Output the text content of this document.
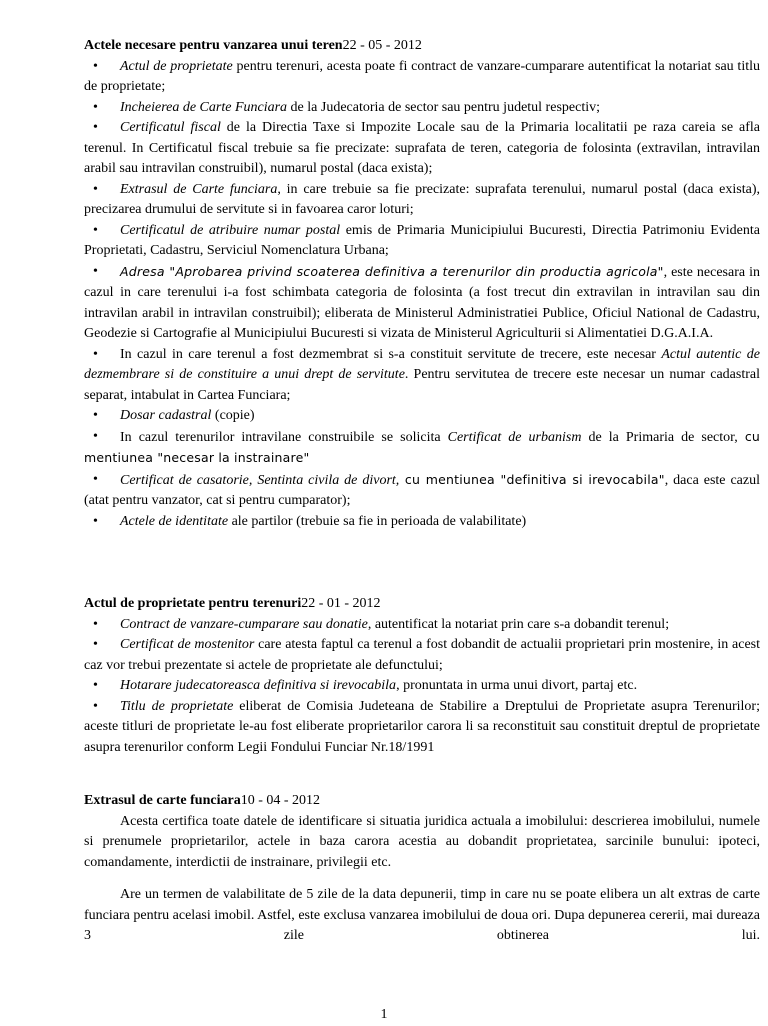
Actele necesare pentru vanzarea unui teren22 - 05 - 2012
• Actul de proprietate pentru terenuri, acesta poate fi contract de vanzare-cumparare autentificat la notariat sau titlu de proprietate;
• Incheierea de Carte Funciara de la Judecatoria de sector sau pentru judetul respectiv;
• Certificatul fiscal de la Directia Taxe si Impozite Locale sau de la Primaria localitatii pe raza careia se afla terenul. In Certificatul fiscal trebuie sa fie precizate: suprafata de teren, categoria de folosinta (extravilan, intravilan arabil sau intravilan construibil), numarul postal (daca exista);
• Extrasul de Carte funciara, in care trebuie sa fie precizate: suprafata terenului, numarul postal (daca exista), precizarea drumului de servitute si in favoarea caror loturi;
• Certificatul de atribuire numar postal emis de Primaria Municipiului Bucuresti, Directia Patrimoniu Evidenta Proprietati, Cadastru, Serviciul Nomenclatura Urbana;
• Adresa "Aprobarea privind scoaterea definitiva a terenurilor din productia agricola", este necesara in cazul in care terenului i-a fost schimbata categoria de folosinta (a fost trecut din extravilan in intravilan sau din intravilan arabil in intravilan construibil); eliberata de Ministerul Administratiei Publice, Oficiul National de Cadastru, Geodezie si Cartografie al Municipiului Bucuresti si vizata de Ministerul Agriculturii si Alimentatiei D.G.A.I.A.
• In cazul in care terenul a fost dezmembrat si s-a constituit servitute de trecere, este necesar Actul autentic de dezmembrare si de constituire a unui drept de servitute. Pentru servitutea de trecere este necesar un numar cadastral separat, intabulat in Cartea Funciara;
• Dosar cadastral (copie)
• In cazul terenurilor intravilane construibile se solicita Certificat de urbanism de la Primaria de sector, cu mentiunea "necesar la instrainare"
• Certificat de casatorie, Sentinta civila de divort, cu mentiunea "definitiva si irevocabila", daca este cazul (atat pentru vanzator, cat si pentru cumparator);
• Actele de identitate ale partilor (trebuie sa fie in perioada de valabilitate)
Actul de proprietate pentru terenuri22 - 01 - 2012
• Contract de vanzare-cumparare sau donatie, autentificat la notariat prin care s-a dobandit terenul;
• Certificat de mostenitor care atesta faptul ca terenul a fost dobandit de actualii proprietari prin mostenire, in acest caz vor trebui prezentate si actele de proprietate ale defunctului;
• Hotarare judecatoreasca definitiva si irevocabila, pronuntata in urma unui divort, partaj etc.
• Titlu de proprietate eliberat de Comisia Judeteana de Stabilire a Dreptului de Proprietate asupra Terenurilor; aceste titluri de proprietate le-au fost eliberate proprietarilor carora li sa reconstituit sau constituit dreptul de proprietate asupra terenurilor conform Legii Fondului Funciar Nr.18/1991
Extrasul de carte funciara10 - 04 - 2012

Acesta certifica toate datele de identificare si situatia juridica actuala a imobilului: descrierea imobilului, numele si prenumele proprietarilor, actele in baza carora acestia au dobandit proprietatea, sarcinile bunului: ipoteci, comandamente, interdictii de instrainare, privilegii etc.

Are un termen de valabilitate de 5 zile de la data depunerii, timp in care nu se poate elibera un alt extras de carte funciara pentru acelasi imobil. Astfel, este exclusa vanzarea imobilului de doua ori. Dupa depunerea cererii, mai dureaza 3 zile obtinerea lui.

1
